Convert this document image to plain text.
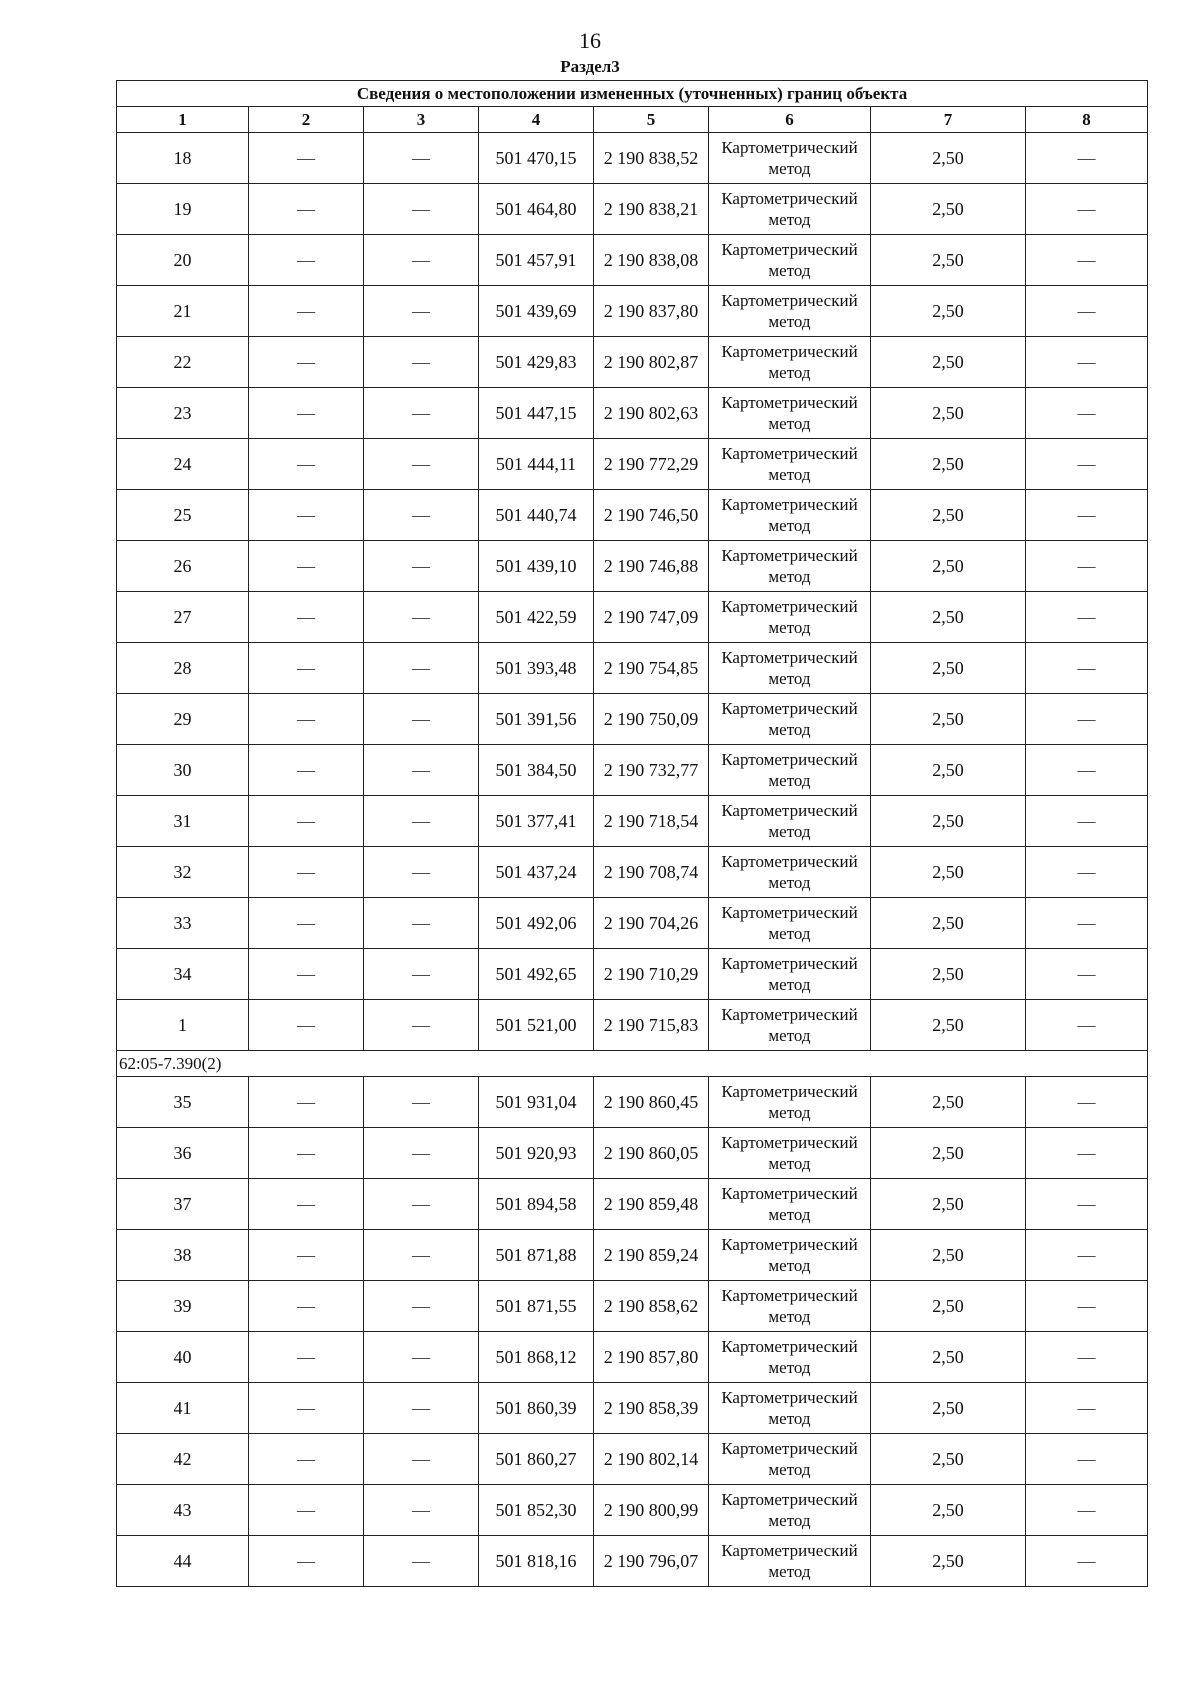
16
Раздел3
Сведения о местоположении измененных (уточненных) границ объекта							
1	2	3	4	5	6	7	8
18	—	—	501 470,15	2 190 838,52	Картометрический метод	2,50	—
19	—	—	501 464,80	2 190 838,21	Картометрический метод	2,50	—
20	—	—	501 457,91	2 190 838,08	Картометрический метод	2,50	—
21	—	—	501 439,69	2 190 837,80	Картометрический метод	2,50	—
22	—	—	501 429,83	2 190 802,87	Картометрический метод	2,50	—
23	—	—	501 447,15	2 190 802,63	Картометрический метод	2,50	—
24	—	—	501 444,11	2 190 772,29	Картометрический метод	2,50	—
25	—	—	501 440,74	2 190 746,50	Картометрический метод	2,50	—
26	—	—	501 439,10	2 190 746,88	Картометрический метод	2,50	—
27	—	—	501 422,59	2 190 747,09	Картометрический метод	2,50	—
28	—	—	501 393,48	2 190 754,85	Картометрический метод	2,50	—
29	—	—	501 391,56	2 190 750,09	Картометрический метод	2,50	—
30	—	—	501 384,50	2 190 732,77	Картометрический метод	2,50	—
31	—	—	501 377,41	2 190 718,54	Картометрический метод	2,50	—
32	—	—	501 437,24	2 190 708,74	Картометрический метод	2,50	—
33	—	—	501 492,06	2 190 704,26	Картометрический метод	2,50	—
34	—	—	501 492,65	2 190 710,29	Картометрический метод	2,50	—
1	—	—	501 521,00	2 190 715,83	Картометрический метод	2,50	—
62:05-7.390(2)							
35	—	—	501 931,04	2 190 860,45	Картометрический метод	2,50	—
36	—	—	501 920,93	2 190 860,05	Картометрический метод	2,50	—
37	—	—	501 894,58	2 190 859,48	Картометрический метод	2,50	—
38	—	—	501 871,88	2 190 859,24	Картометрический метод	2,50	—
39	—	—	501 871,55	2 190 858,62	Картометрический метод	2,50	—
40	—	—	501 868,12	2 190 857,80	Картометрический метод	2,50	—
41	—	—	501 860,39	2 190 858,39	Картометрический метод	2,50	—
42	—	—	501 860,27	2 190 802,14	Картометрический метод	2,50	—
43	—	—	501 852,30	2 190 800,99	Картометрический метод	2,50	—
44	—	—	501 818,16	2 190 796,07	Картометрический метод	2,50	—
